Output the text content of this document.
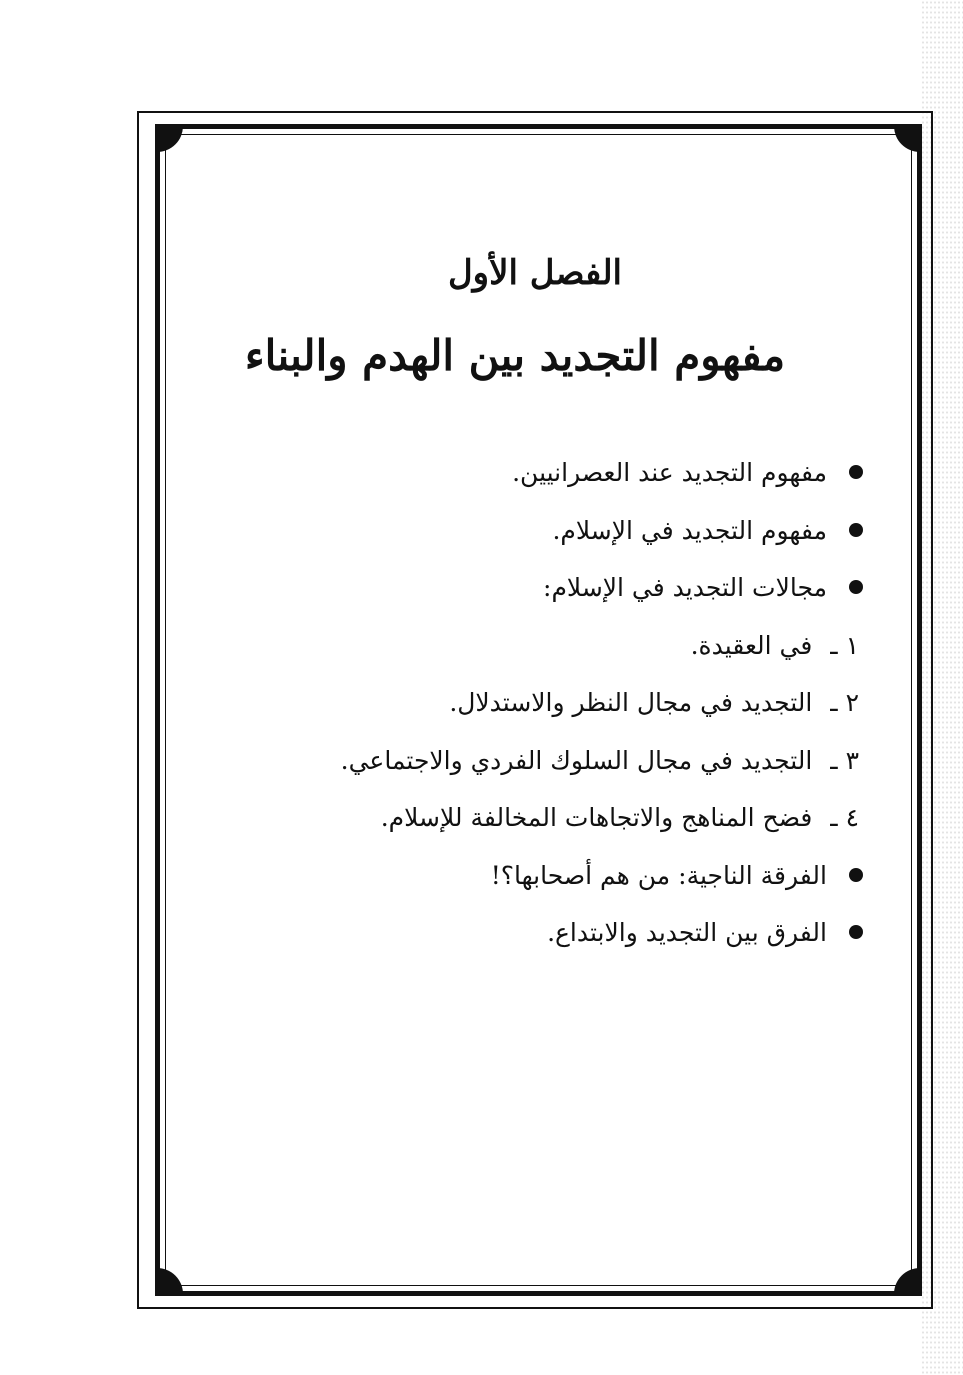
الفصل الأول
مفهوم التجديد بين الهدم والبناء
مفهوم التجديد عند العصرانيين.
مفهوم التجديد في الإسلام.
مجالات التجديد في الإسلام:
١ ـ في العقيدة.
٢ ـ التجديد في مجال النظر والاستدلال.
٣ ـ التجديد في مجال السلوك الفردي والاجتماعي.
٤ ـ فضح المناهج والاتجاهات المخالفة للإسلام.
الفرقة الناجية: من هم أصحابها؟!
الفرق بين التجديد والابتداع.
